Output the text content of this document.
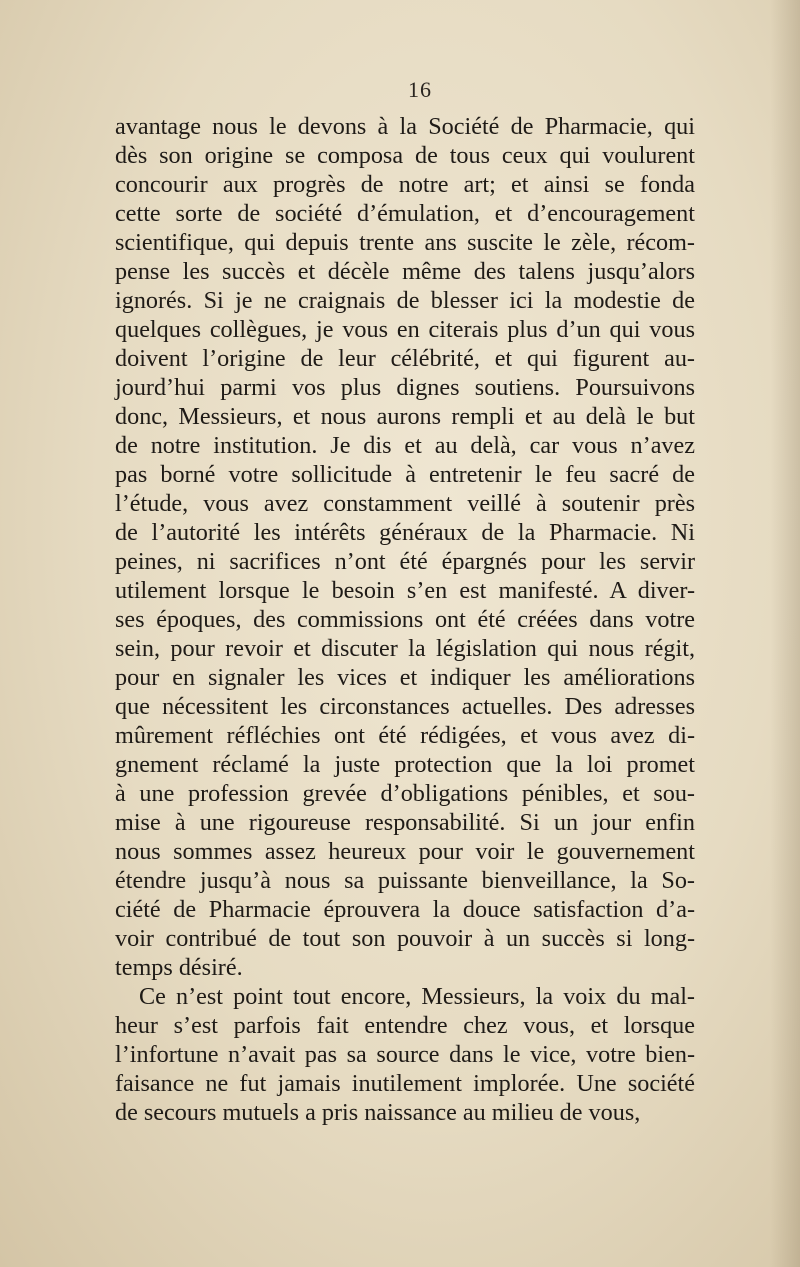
16
avantage nous le devons à la Société de Pharmacie, qui
dès son origine se composa de tous ceux qui voulurent
concourir aux progrès de notre art; et ainsi se fonda
cette sorte de société d’émulation, et d’encouragement
scientifique, qui depuis trente ans suscite le zèle, récom-
pense les succès et décèle même des talens jusqu’alors
ignorés. Si je ne craignais de blesser ici la modestie de
quelques collègues, je vous en citerais plus d’un qui vous
doivent l’origine de leur célébrité, et qui figurent au-
jourd’hui parmi vos plus dignes soutiens. Poursuivons
donc, Messieurs, et nous aurons rempli et au delà le but
de notre institution. Je dis et au delà, car vous n’avez
pas borné votre sollicitude à entretenir le feu sacré de
l’étude, vous avez constamment veillé à soutenir près
de l’autorité les intérêts généraux de la Pharmacie. Ni
peines, ni sacrifices n’ont été épargnés pour les servir
utilement lorsque le besoin s’en est manifesté. A diver-
ses époques, des commissions ont été créées dans votre
sein, pour revoir et discuter la législation qui nous régit,
pour en signaler les vices et indiquer les améliorations
que nécessitent les circonstances actuelles. Des adresses
mûrement réfléchies ont été rédigées, et vous avez di-
gnement réclamé la juste protection que la loi promet
à une profession grevée d’obligations pénibles, et sou-
mise à une rigoureuse responsabilité. Si un jour enfin
nous sommes assez heureux pour voir le gouvernement
étendre jusqu’à nous sa puissante bienveillance, la So-
ciété de Pharmacie éprouvera la douce satisfaction d’a-
voir contribué de tout son pouvoir à un succès si long-
temps désiré.
Ce n’est point tout encore, Messieurs, la voix du mal-
heur s’est parfois fait entendre chez vous, et lorsque
l’infortune n’avait pas sa source dans le vice, votre bien-
faisance ne fut jamais inutilement implorée. Une société
de secours mutuels a pris naissance au milieu de vous,
